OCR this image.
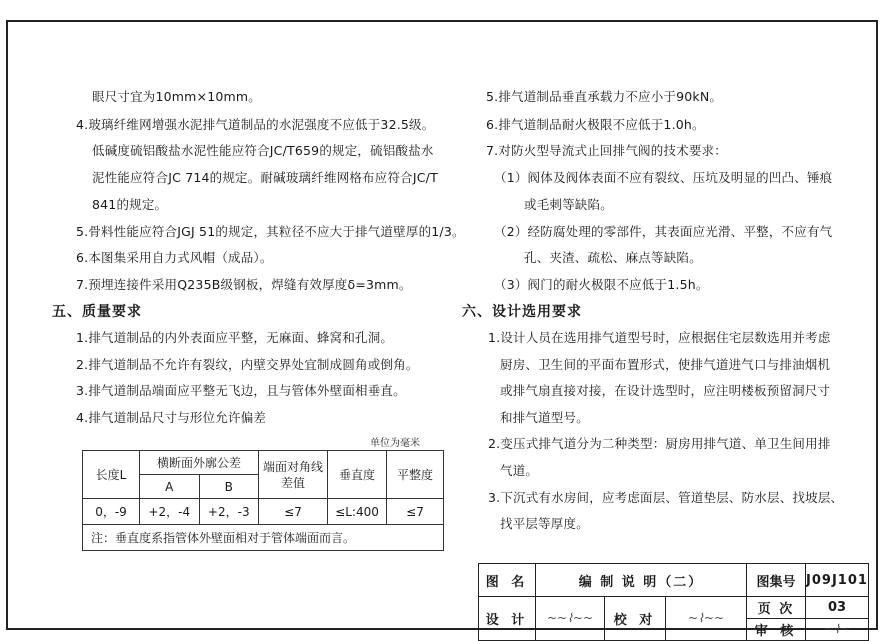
眼尺寸宜为10mm×10mm。
4.玻璃纤维网增强水泥排气道制品的水泥强度不应低于32.5级。
低碱度硫铝酸盐水泥性能应符合JC/T659的规定，硫铝酸盐水
泥性能应符合JC 714的规定。耐碱玻璃纤维网格布应符合JC/T
841的规定。
5.骨料性能应符合JGJ 51的规定，其粒径不应大于排气道壁厚的1/3。
6.本图集采用自力式风帽（成品）。
7.预埋连接件采用Q235B级钢板，焊缝有效厚度δ=3mm。
五、质量要求
1.排气道制品的内外表面应平整，无麻面、蜂窝和孔洞。
2.排气道制品不允许有裂纹，内壁交界处宜制成圆角或倒角。
3.排气道制品端面应平整无飞边，且与管体外壁面相垂直。
4.排气道制品尺寸与形位允许偏差
单位为毫米
长度L	横断面外廓公差		端面对角线差值	垂直度	平整度
	A	B			
0，-9	+2，-4	+2，-3	≤7	≤L:400	≤7
注：垂直度系指管体外壁面相对于管体端面而言。					
5.排气道制品垂直承载力不应小于90kN。
6.排气道制品耐火极限不应低于1.0h。
7.对防火型导流式止回排气阀的技术要求：
（1）阀体及阀体表面不应有裂纹、压坑及明显的凹凸、锤痕
或毛刺等缺陷。
（2）经防腐处理的零部件，其表面应光滑、平整，不应有气
孔、夹渣、疏松、麻点等缺陷。
（3）阀门的耐火极限不应低于1.5h。
六、设计选用要求
1.设计人员在选用排气道型号时，应根据住宅层数选用并考虑
厨房、卫生间的平面布置形式，使排气道进气口与排油烟机
或排气扇直接对接，在设计选型时，应注明楼板预留洞尺寸
和排气道型号。
2.变压式排气道分为二种类型：厨房用排气道、单卫生间用排
气道。
3.下沉式有水房间，应考虑面层、管道垫层、防水层、找坡层、
找平层等厚度。
图 名	编 制 说 明（二）			图集号	J09J101
设 计	~~⌇~~	校 对	~⌇~~	页 次	03
				审 核	~⌇~
